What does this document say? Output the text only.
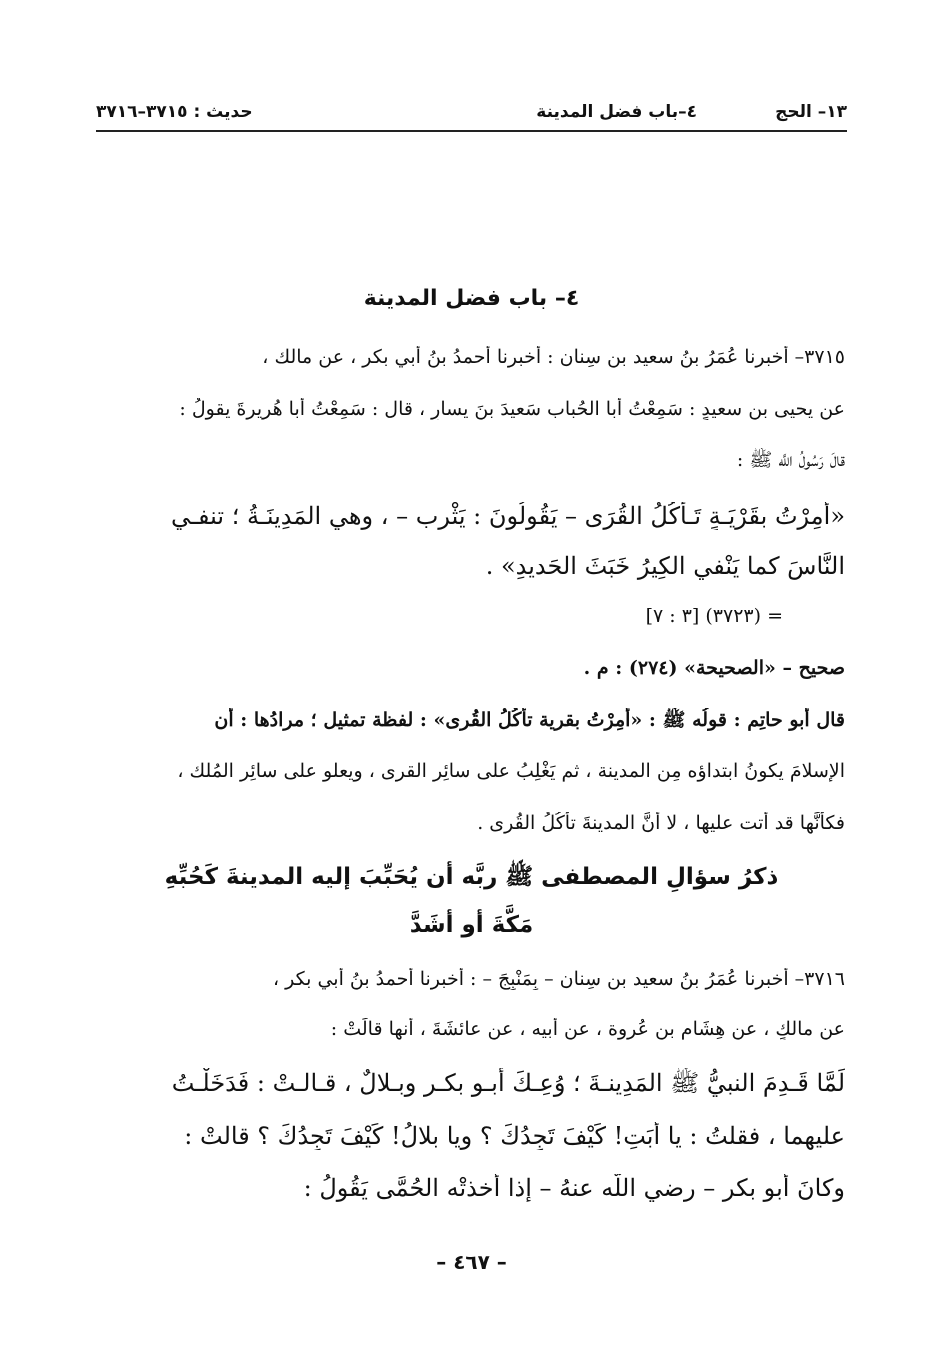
١٣– الحج
٤–باب فضل المدينة
حديث : ٣٧١٥–٣٧١٦
٤– باب فضل المدينة
٣٧١٥– أخبرنا عُمَرُ بنُ سعيد بن سِنان : أخبرنا أحمدُ بنُ أبي بكر ، عن مالك ،
عن يحيى بن سعيدٍ : سَمِعْتُ أبا الحُباب سَعيدَ بنَ يسارٍ ، قال : سَمِعْتُ أبا هُريرةَ يقولُ :
قالَ رَسُولُ اللَّه ﷺ :
«أُمِرْتُ بقَرْيَـةٍ تَـأْكُلُ القُرَى – يَقُولُونَ : يَثْرب – ، وهي المَدِينَـةُ ؛ تنفـي
النَّاسَ كما يَنْفي الكِيرُ خَبَثَ الحَديدِ» .
= (٣٧٢٣) [٣ : ٧]
صحيح – «الصحيحة» (٢٧٤) : م .
قال أبو حاتِم : قولُه ﷺ : «أُمِرْتُ بقرية تأكُلُ القُرى» : لفظة تمثيل ؛ مرادُها : أن
الإسلامَ يكونُ ابتداؤه مِن المدينة ، ثم يَغْلِبُ على سائِرِ القرى ، ويعلو على سائِرِ المُلك ،
فكأنَّها قد أتت عليها ، لا أنَّ المدينةَ تأكُلُ القُرى .
ذكرُ سؤالِ المصطفى ﷺ ربَّه أن يُحَبِّبَ إليه المدينةَ كَحُبِّهِ
مَكَّةَ أو أشَدَّ
٣٧١٦– أخبرنا عُمَرُ بنُ سعيد بن سِنان – بِمَنْبِجَ – : أخبرنا أحمدُ بنُ أبي بكر ،
عن مالكٍ ، عن هِشَام بن عُروة ، عن أبيه ، عن عائشَةَ ، أنها قالَتْ :
لَمَّا قَـدِمَ النبيُّ ﷺ المَدِينـةَ ؛ وُعِـكَ أبـو بكـر وبـلالٌ ، قـالـتْ : فَدَخَلْـتُ
عليهما ، فقلتُ : يا أَبَتِ! كَيْفَ تَجِدُكَ ؟ ويا بلالُ! كَيْفَ تَجِدُكَ ؟ قالتْ :
وكانَ أبو بكرٍ – رضي اللَّه عنهُ – إذا أخذتْه الحُمَّى يَقُولُ :
– ٤٦٧ –
